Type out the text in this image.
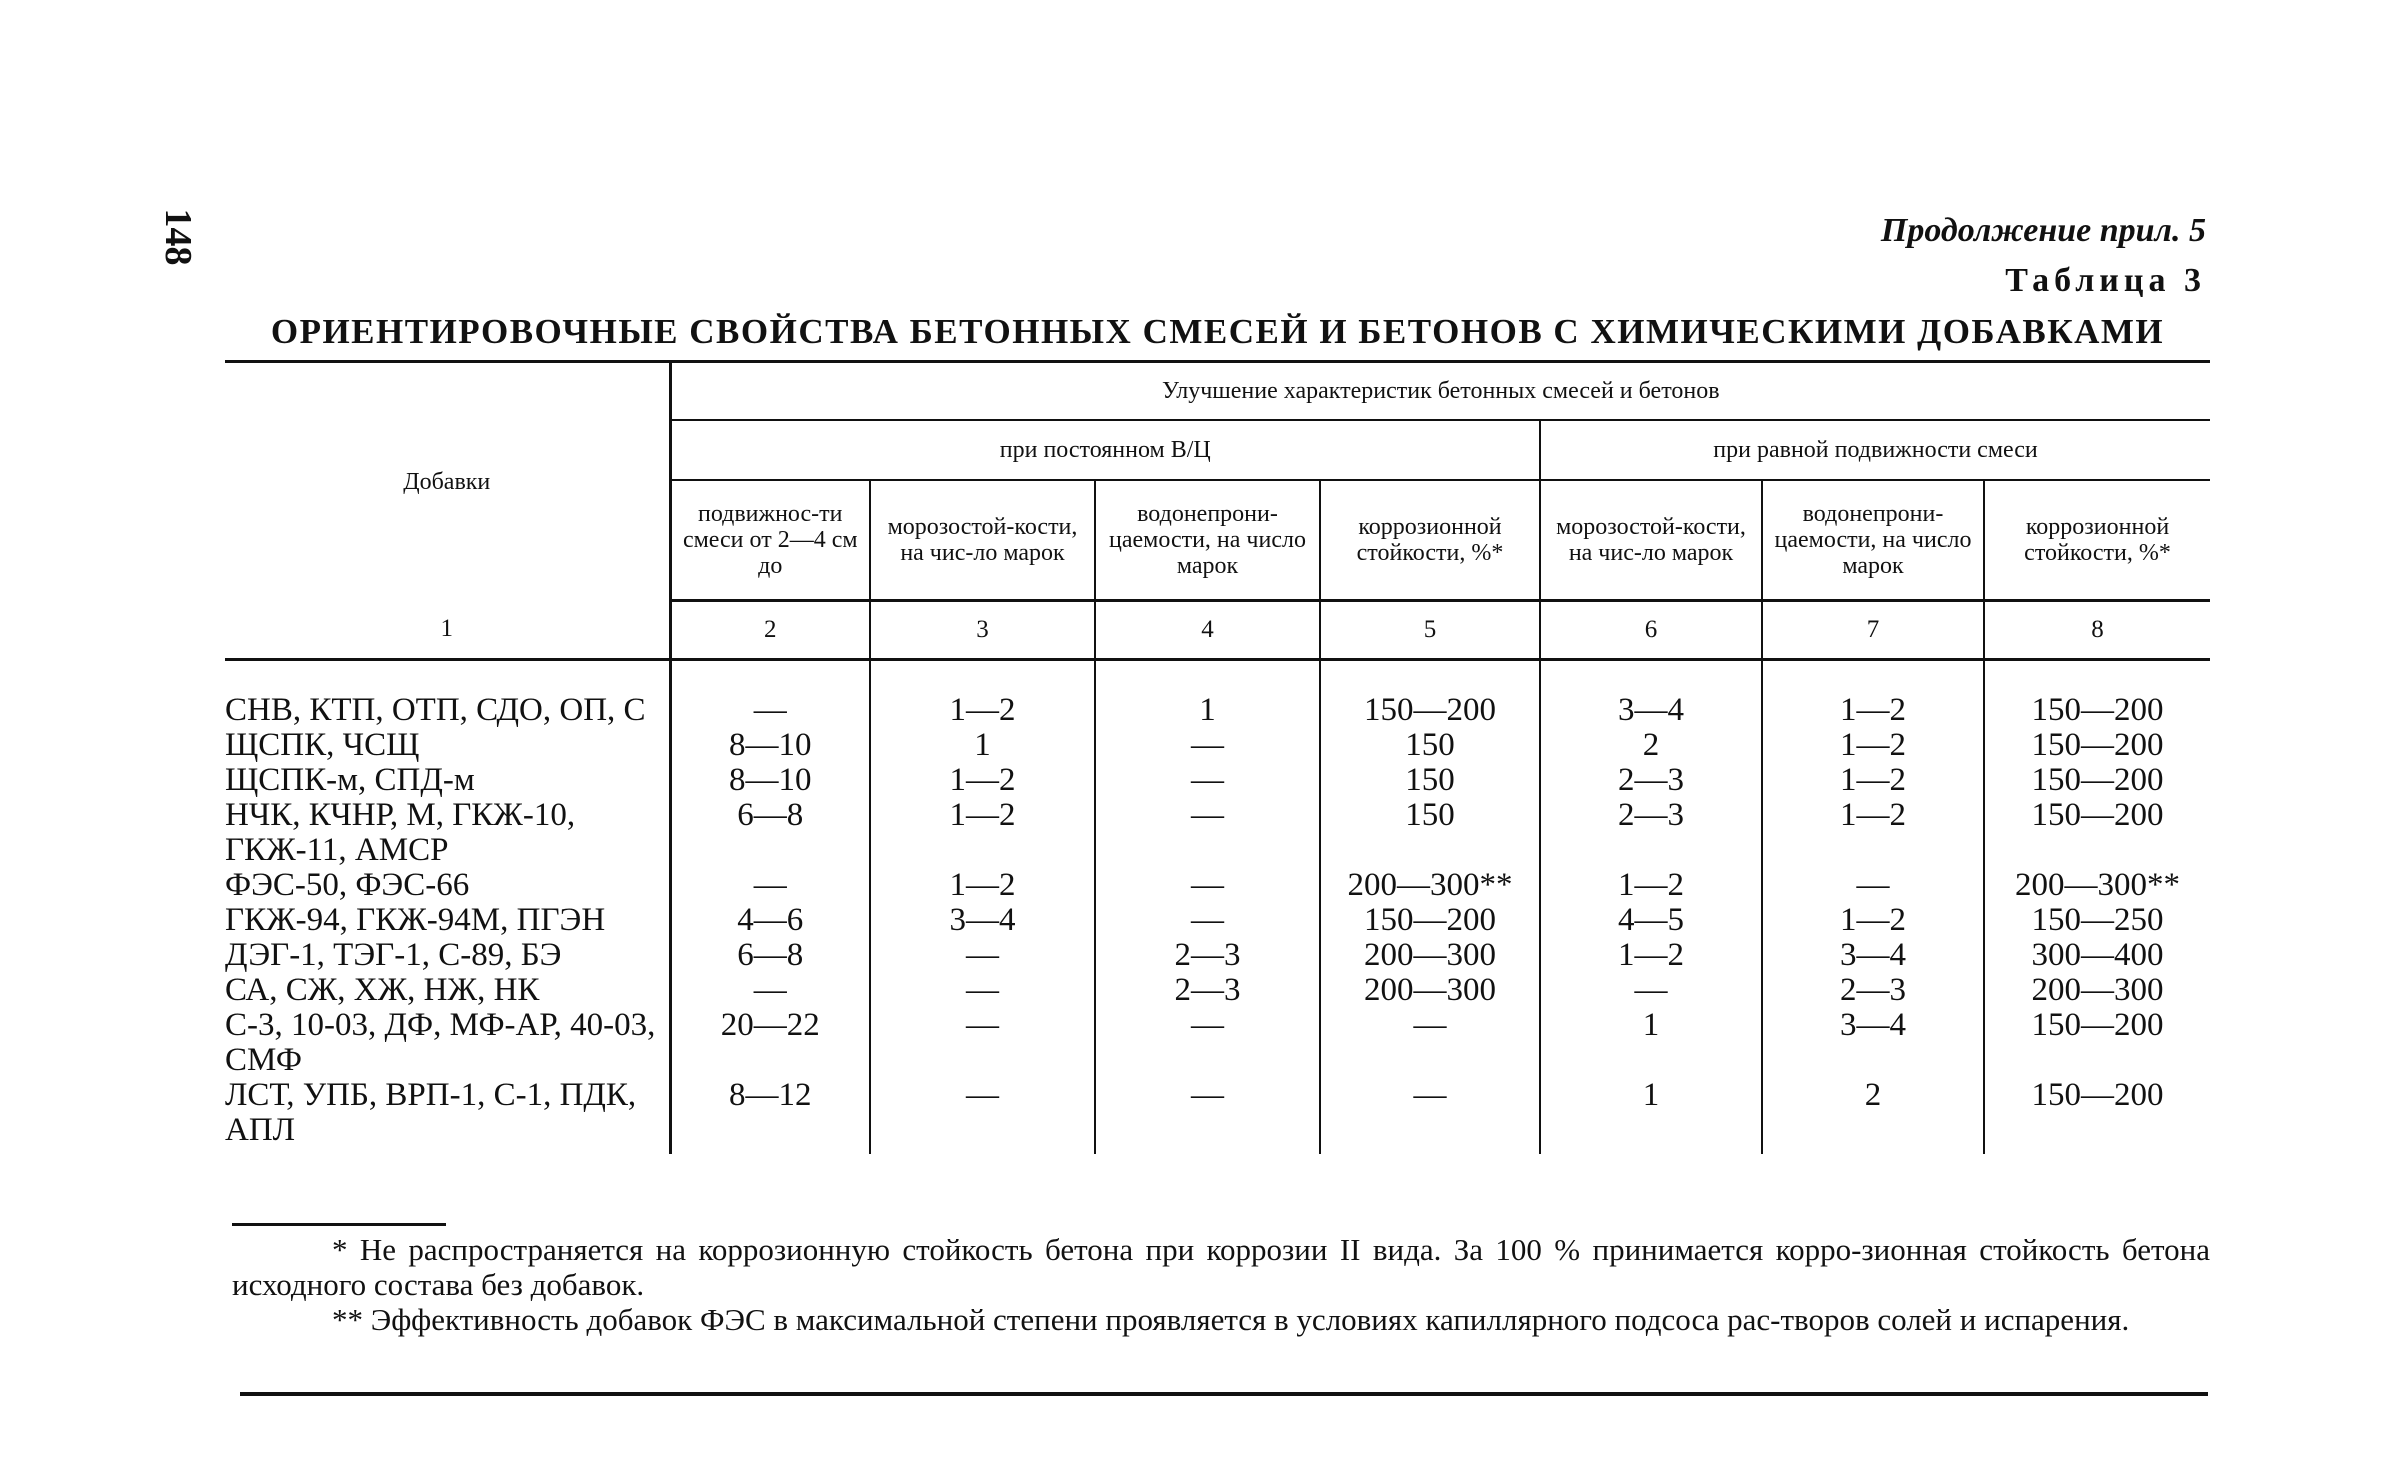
148	Продолжение прил. 5
Таблица 3
ОРИЕНТИРОВОЧНЫЕ СВОЙСТВА БЕТОННЫХ СМЕСЕЙ И БЕТОНОВ С ХИМИЧЕСКИМИ ДОБАВКАМИ
Добавки	Улучшение характеристик бетонных смесей и бетонов						
	при постоянном В/Ц				при равной подвижности смеси		
	подвижнос-ти смеси от 2—4 см до	морозостой-кости, на чис-ло марок	водонепрони-цаемости, на число марок	коррозионной стойкости, %*	морозостой-кости, на чис-ло марок	водонепрони-цаемости, на число марок	коррозионной стойкости, %*
1	2	3	4	5	6	7	8
СНВ, КТП, ОТП, СДО, ОП, С	—	1—2	1	150—200	3—4	1—2	150—200
ЩСПК, ЧСЩ	8—10	1	—	150	2	1—2	150—200
ЩСПК-м, СПД-м	8—10	1—2	—	150	2—3	1—2	150—200
НЧК, КЧНР, М, ГКЖ-10, ГКЖ-11, АМСР	6—8	1—2	—	150	2—3	1—2	150—200
ФЭС-50, ФЭС-66	—	1—2	—	200—300**	1—2	—	200—300**
ГКЖ-94, ГКЖ-94М, ПГЭН	4—6	3—4	—	150—200	4—5	1—2	150—250
ДЭГ-1, ТЭГ-1, С-89, БЭ	6—8	—	2—3	200—300	1—2	3—4	300—400
СА, СЖ, ХЖ, НЖ, НК	—	—	2—3	200—300	—	2—3	200—300
С-3, 10-03, ДФ, МФ-АР, 40-03, СМФ	20—22	—	—	—	1	3—4	150—200
ЛСТ, УПБ, ВРП-1, С-1, ПДК, АПЛ	8—12	—	—	—	1	2	150—200

* Не распространяется на коррозионную стойкость бетона при коррозии II вида. За 100 % принимается корро-зионная стойкость бетона исходного состава без добавок.

** Эффективность добавок ФЭС в максимальной степени проявляется в условиях капиллярного подсоса рас-творов солей и испарения.
